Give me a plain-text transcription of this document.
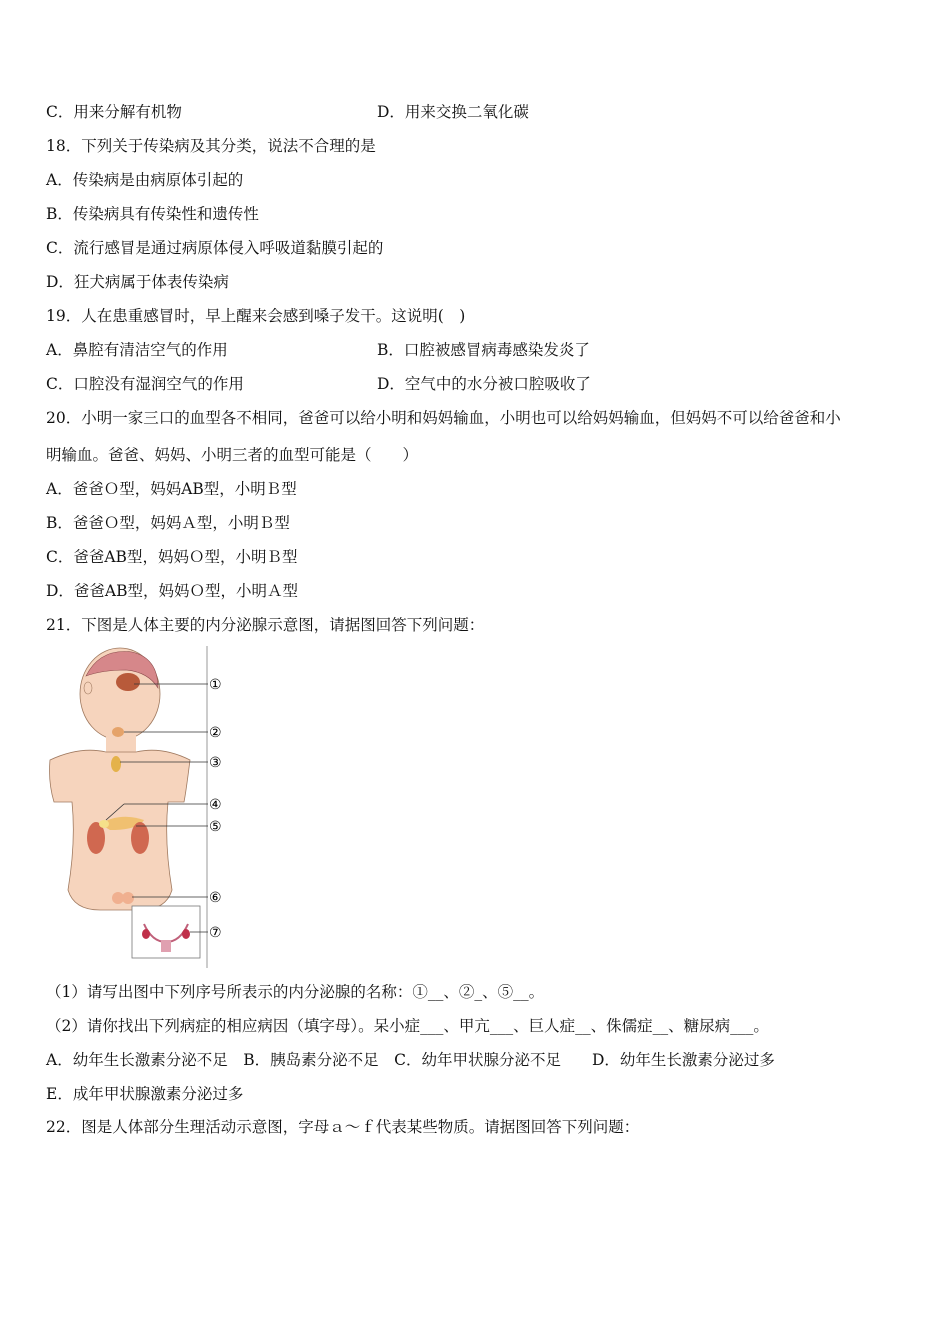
C．用来分解有机物	D．用来交换二氧化碳
18．下列关于传染病及其分类，说法不合理的是
A．传染病是由病原体引起的
B．传染病具有传染性和遗传性
C．流行感冒是通过病原体侵入呼吸道黏膜引起的
D．狂犬病属于体表传染病
19．人在患重感冒时，早上醒来会感到嗓子发干。这说明(　)
A．鼻腔有清洁空气的作用	B．口腔被感冒病毒感染发炎了
C．口腔没有湿润空气的作用	D．空气中的水分被口腔吸收了
20．小明一家三口的血型各不相同，爸爸可以给小明和妈妈输血，小明也可以给妈妈输血，但妈妈不可以给爸爸和小
明输血。爸爸、妈妈、小明三者的血型可能是（　　）
A．爸爸Ｏ型，妈妈AB型，小明Ｂ型
B．爸爸Ｏ型，妈妈Ａ型，小明Ｂ型
C．爸爸AB型，妈妈Ｏ型，小明Ｂ型
D．爸爸AB型，妈妈Ｏ型，小明Ａ型
21．下图是人体主要的内分泌腺示意图，请据图回答下列问题：
①
②
③
④
⑤
⑥
⑦
（1）请写出图中下列序号所表示的内分泌腺的名称：①__、②_、⑤__。
（2）请你找出下列病症的相应病因（填字母）。呆小症___、甲亢___、巨人症__、侏儒症__、糖尿病___。
A．幼年生长激素分泌不足　B．胰岛素分泌不足　C．幼年甲状腺分泌不足　　D．幼年生长激素分泌过多
E．成年甲状腺激素分泌过多
22．图是人体部分生理活动示意图，字母ａ～ｆ代表某些物质。请据图回答下列问题：
